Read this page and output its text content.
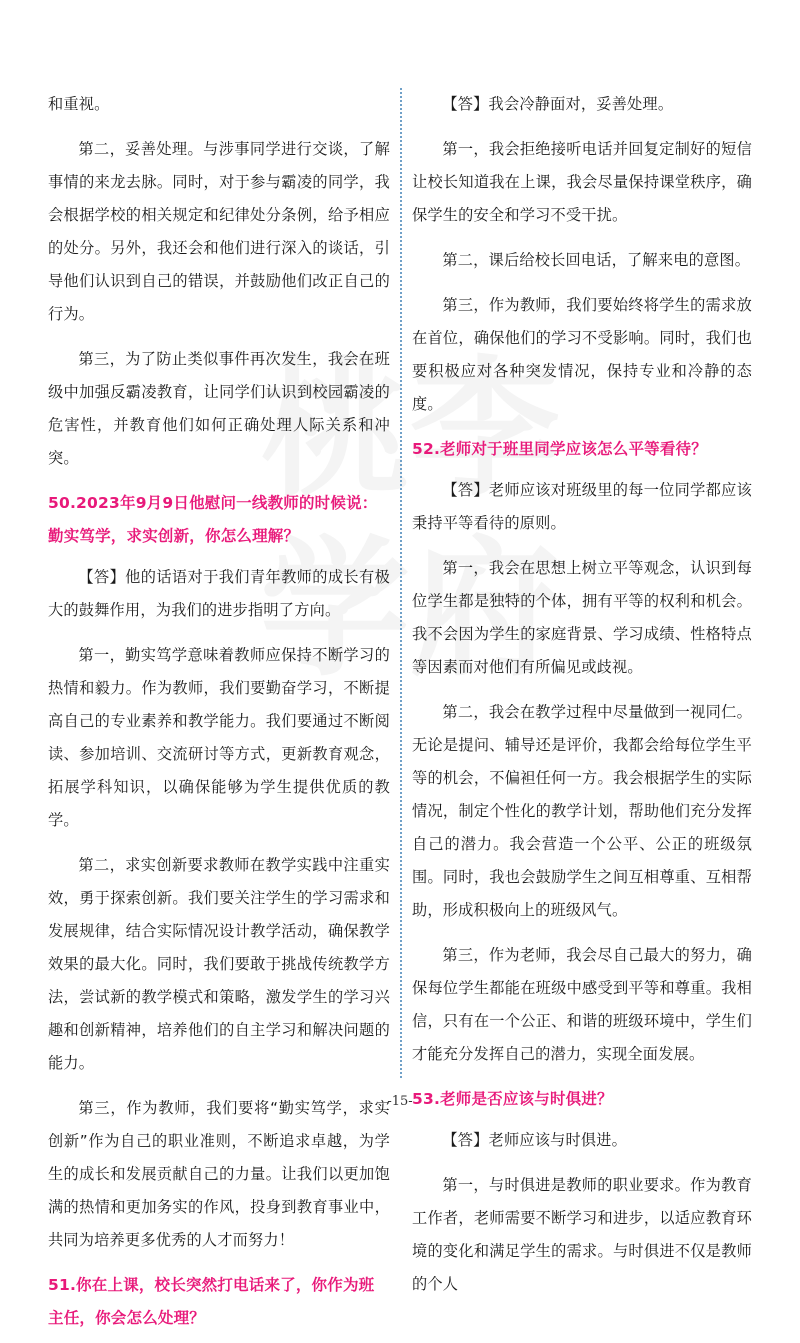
和重视。

第二，妥善处理。与涉事同学进行交谈，了解事情的来龙去脉。同时，对于参与霸凌的同学，我会根据学校的相关规定和纪律处分条例，给予相应的处分。另外，我还会和他们进行深入的谈话，引导他们认识到自己的错误，并鼓励他们改正自己的行为。

第三，为了防止类似事件再次发生，我会在班级中加强反霸凌教育，让同学们认识到校园霸凌的危害性，并教育他们如何正确处理人际关系和冲突。

50.2023年9月9日他慰问一线教师的时候说：勤实笃学，求实创新，你怎么理解？

【答】他的话语对于我们青年教师的成长有极大的鼓舞作用，为我们的进步指明了方向。

第一，勤实笃学意味着教师应保持不断学习的热情和毅力。作为教师，我们要勤奋学习，不断提高自己的专业素养和教学能力。我们要通过不断阅读、参加培训、交流研讨等方式，更新教育观念，拓展学科知识，以确保能够为学生提供优质的教学。

第二，求实创新要求教师在教学实践中注重实效，勇于探索创新。我们要关注学生的学习需求和发展规律，结合实际情况设计教学活动，确保教学效果的最大化。同时，我们要敢于挑战传统教学方法，尝试新的教学模式和策略，激发学生的学习兴趣和创新精神，培养他们的自主学习和解决问题的能力。

第三，作为教师，我们要将“勤实笃学，求实创新”作为自己的职业准则，不断追求卓越，为学生的成长和发展贡献自己的力量。让我们以更加饱满的热情和更加务实的作风，投身到教育事业中，共同为培养更多优秀的人才而努力！

51.你在上课，校长突然打电话来了，你作为班主任，你会怎么处理？

【答】我会冷静面对，妥善处理。

第一，我会拒绝接听电话并回复定制好的短信让校长知道我在上课，我会尽量保持课堂秩序，确保学生的安全和学习不受干扰。

第二，课后给校长回电话，了解来电的意图。

第三，作为教师，我们要始终将学生的需求放在首位，确保他们的学习不受影响。同时，我们也要积极应对各种突发情况，保持专业和冷静的态度。

52.老师对于班里同学应该怎么平等看待？

【答】老师应该对班级里的每一位同学都应该秉持平等看待的原则。

第一，我会在思想上树立平等观念，认识到每位学生都是独特的个体，拥有平等的权利和机会。我不会因为学生的家庭背景、学习成绩、性格特点等因素而对他们有所偏见或歧视。

第二，我会在教学过程中尽量做到一视同仁。无论是提问、辅导还是评价，我都会给每位学生平等的机会，不偏袒任何一方。我会根据学生的实际情况，制定个性化的教学计划，帮助他们充分发挥自己的潜力。我会营造一个公平、公正的班级氛围。同时，我也会鼓励学生之间互相尊重、互相帮助，形成积极向上的班级风气。

第三，作为老师，我会尽自己最大的努力，确保每位学生都能在班级中感受到平等和尊重。我相信，只有在一个公正、和谐的班级环境中，学生们才能充分发挥自己的潜力，实现全面发展。

53.老师是否应该与时俱进？

【答】老师应该与时俱进。

第一，与时俱进是教师的职业要求。作为教育工作者，老师需要不断学习和进步，以适应教育环境的变化和满足学生的需求。与时俱进不仅是教师的个人

-15-
